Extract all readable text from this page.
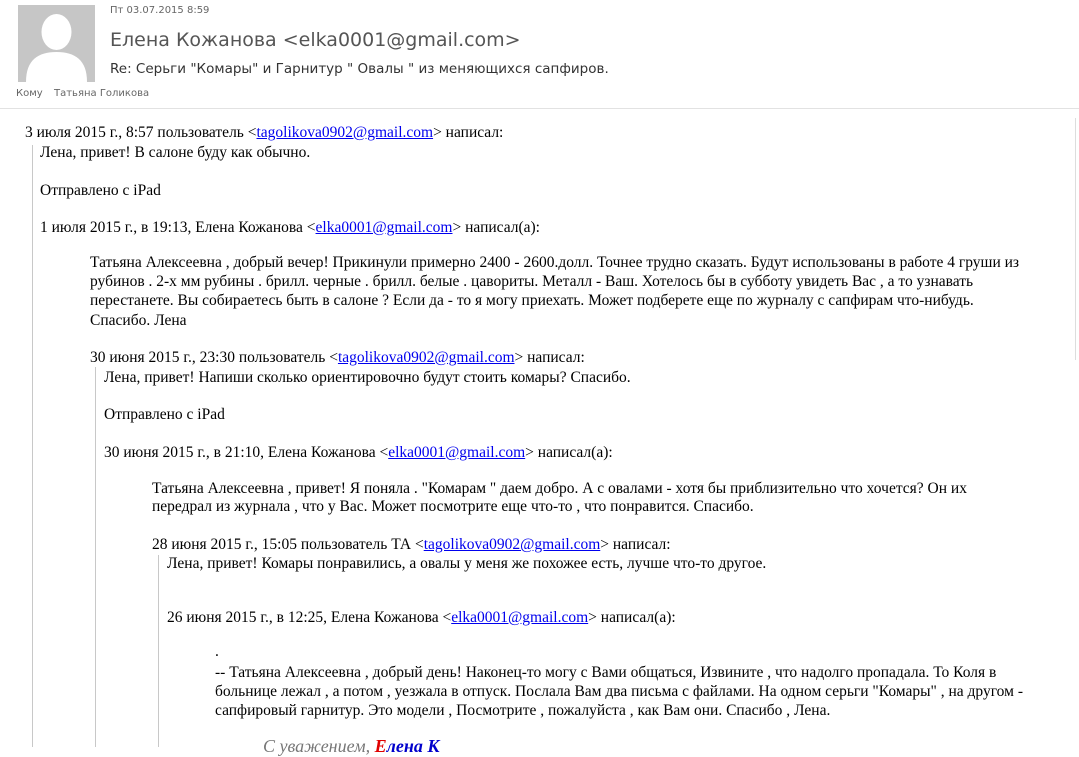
Пт 03.07.2015 8:59
Елена Кожанова <elka0001@gmail.com>
Re: Серьги "Комары" и Гарнитур " Овалы " из меняющихся сапфиров.
Кому Татьяна Голикова
3 июля 2015 г., 8:57 пользователь <tagolikova0902@gmail.com> написал:
Лена, привет! В салоне буду как обычно.
Отправлено с iPad
1 июля 2015 г., в 19:13, Елена Кожанова <elka0001@gmail.com> написал(а):
Татьяна Алексеевна , добрый вечер! Прикинули примерно 2400 - 2600.долл. Точнее трудно сказать. Будут использованы в работе 4 груши из
рубинов . 2-х мм рубины . брилл. черные . брилл. белые . цавориты. Металл - Ваш. Хотелось бы в субботу увидеть Вас , а то узнавать
перестанете. Вы собираетесь быть в салоне ? Если да - то я могу приехать. Может подберете еще по журналу с сапфирам что-нибудь.
Спасибо. Лена
30 июня 2015 г., 23:30 пользователь <tagolikova0902@gmail.com> написал:
Лена, привет! Напиши сколько ориентировочно будут стоить комары? Спасибо.
Отправлено с iPad
30 июня 2015 г., в 21:10, Елена Кожанова <elka0001@gmail.com> написал(а):
Татьяна Алексеевна , привет! Я поняла . "Комарам " даем добро. А с овалами - хотя бы приблизительно что хочется? Он их
передрал из журнала , что у Вас. Может посмотрите еще что-то , что понравится. Спасибо.
28 июня 2015 г., 15:05 пользователь ТА <tagolikova0902@gmail.com> написал:
Лена, привет! Комары понравились, а овалы у меня же похожее есть, лучше что-то другое.
26 июня 2015 г., в 12:25, Елена Кожанова <elka0001@gmail.com> написал(а):
.
-- Татьяна Алексеевна , добрый день! Наконец-то могу с Вами общаться, Извините , что надолго пропадала. То Коля в
больнице лежал , а потом , уезжала в отпуск. Послала Вам два письма с файлами. На одном серьги "Комары" , на другом -
сапфировый гарнитур. Это модели , Посмотрите , пожалуйста , как Вам они. Спасибо , Лена.
С уважением, Елена К
